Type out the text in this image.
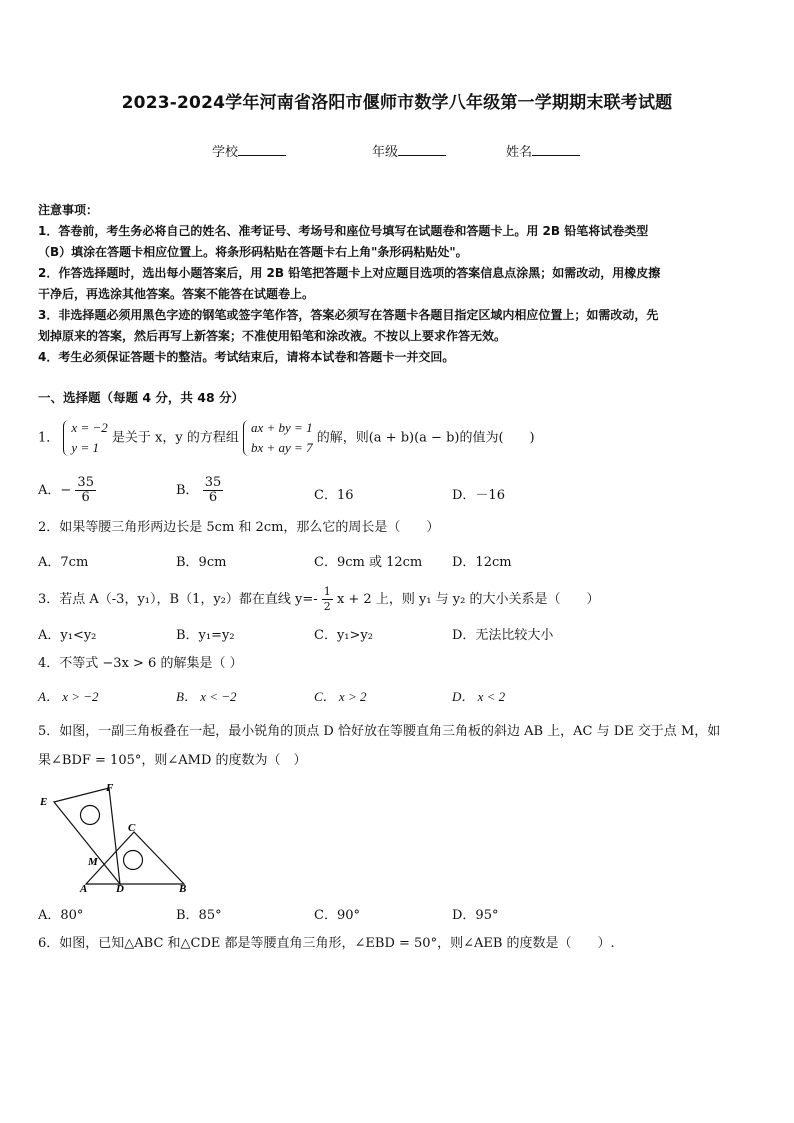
2023-2024学年河南省洛阳市偃师市数学八年级第一学期期末联考试题
学校	年级	姓名

注意事项：

1．答卷前，考生务必将自己的姓名、准考证号、考场号和座位号填写在试题卷和答题卡上。用 2B 铅笔将试卷类型

（B）填涂在答题卡相应位置上。将条形码粘贴在答题卡右上角"条形码粘贴处"。

2．作答选择题时，选出每小题答案后，用 2B 铅笔把答题卡上对应题目选项的答案信息点涂黑；如需改动，用橡皮擦

干净后，再选涂其他答案。答案不能答在试题卷上。

3．非选择题必须用黑色字迹的钢笔或签字笔作答，答案必须写在答题卡各题目指定区域内相应位置上；如需改动，先

划掉原来的答案，然后再写上新答案；不准使用铅笔和涂改液。不按以上要求作答无效。

4．考生必须保证答题卡的整洁。考试结束后，请将本试卷和答题卡一并交回。

一、选择题（每题 4 分，共 48 分）
1．
x = −2
y = 1
是关于 x，y 的方程组
ax + by = 1
bx + ay = 7
的解，则(a + b)(a − b)的值为(　　)
A．− $\frac{35}{6}$	B． $\frac{35}{6}$	C．16	D．－16
2．如果等腰三角形两边长是 5cm 和 2cm，那么它的周长是（　　）
A．7cm	B．9cm	C．9cm 或 12cm D．12cm
3．若点 A（-3，y₁），B（1，y₂）都在直线 $y=- \frac{1}{2}$ x + 2 上，则 y₁ 与 y₂ 的大小关系是（　　）
A．y₁<y₂	B．y₁=y₂	C．y₁>y₂	D．无法比较大小
4．不等式 −3x > 6 的解集是（ ）
A． x > −2	B． x < −2	C． x > 2	D． x < 2
5．如图，一副三角板叠在一起，最小锐角的顶点 D 恰好放在等腰直角三角板的斜边 AB 上，AC 与 DE 交于点 M，如
果∠BDF = 105°，则∠AMD 的度数为（　）
E
F
C
M
A	D	B
A．80°	B．85°	C．90°	D．95°
6．如图，已知△ABC 和△CDE 都是等腰直角三角形，∠EBD = 50°，则∠AEB 的度数是（　　）.
